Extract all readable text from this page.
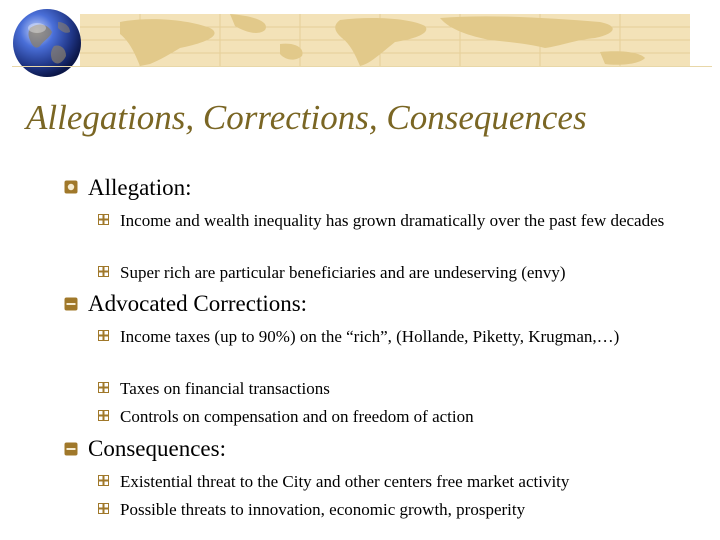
Allegations, Corrections, Consequences
Allegation:
Income and wealth inequality has grown dramatically over the past few decades
Super rich are particular beneficiaries and are undeserving (envy)
Advocated Corrections:
Income taxes (up to 90%) on the “rich”, (Hollande, Piketty, Krugman,…)
Taxes on financial transactions
Controls on compensation and on freedom of action
Consequences:
Existential threat to the City and other centers free market activity
Possible threats to innovation, economic growth, prosperity
